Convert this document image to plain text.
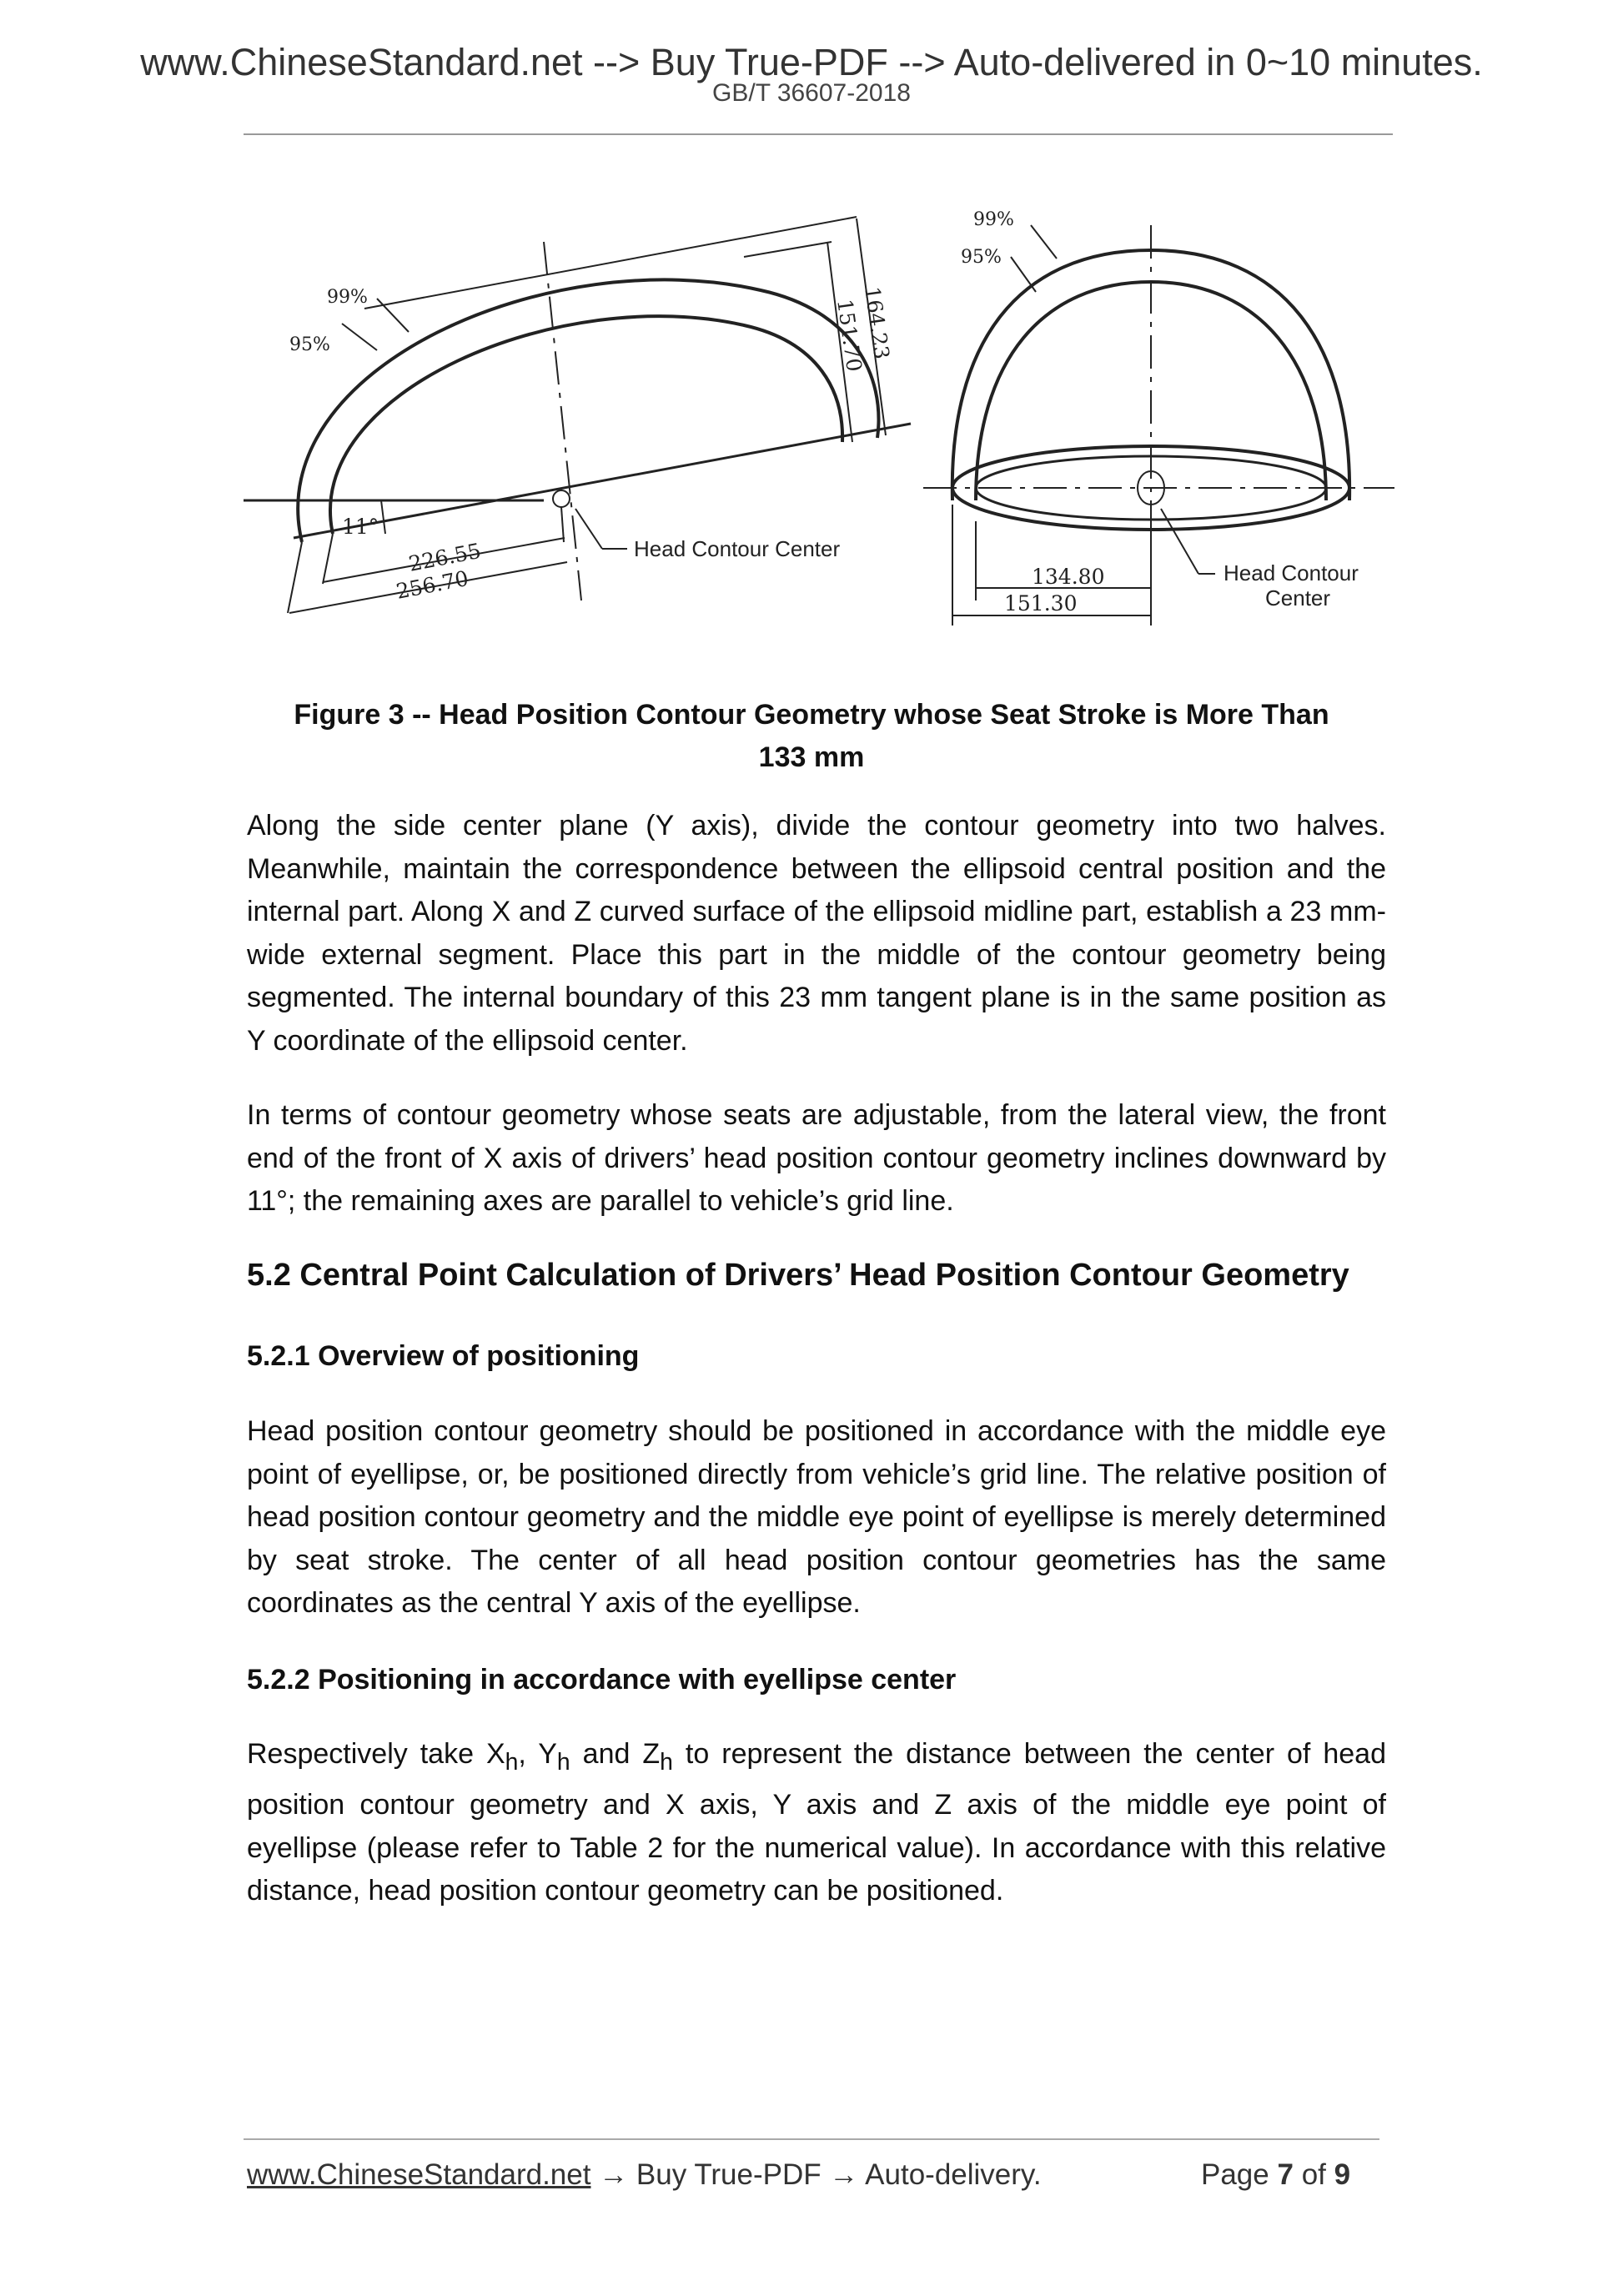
www.ChineseStandard.net --> Buy True-PDF --> Auto-delivered in 0~10 minutes.
GB/T 36607-2018
99%
95%
11°
226.55
256.70
164.23
151.70
Head Contour Center
99%
95%
134.80
151.30
Head Contour
Center
Figure 3 -- Head Position Contour Geometry whose Seat Stroke is More Than
133 mm
Along the side center plane (Y axis), divide the contour geometry into two halves. Meanwhile, maintain the correspondence between the ellipsoid central position and the internal part. Along X and Z curved surface of the ellipsoid midline part, establish a 23 mm-wide external segment. Place this part in the middle of the contour geometry being segmented. The internal boundary of this 23 mm tangent plane is in the same position as Y coordinate of the ellipsoid center.
In terms of contour geometry whose seats are adjustable, from the lateral view, the front end of the front of X axis of drivers’ head position contour geometry inclines downward by 11°; the remaining axes are parallel to vehicle’s grid line.
5.2 Central Point Calculation of Drivers’ Head Position Contour Geometry
5.2.1 Overview of positioning
Head position contour geometry should be positioned in accordance with the middle eye point of eyellipse, or, be positioned directly from vehicle’s grid line. The relative position of head position contour geometry and the middle eye point of eyellipse is merely determined by seat stroke. The center of all head position contour geometries has the same coordinates as the central Y axis of the eyellipse.
5.2.2 Positioning in accordance with eyellipse center
Respectively take $X_h$, $Y_h$ and $Z_h$ to represent the distance between the center of head position contour geometry and X axis, Y axis and Z axis of the middle eye point of eyellipse (please refer to Table 2 for the numerical value). In accordance with this relative distance, head position contour geometry can be positioned.
www.ChineseStandard.net → Buy True-PDF → Auto-delivery.	Page 7 of 9
